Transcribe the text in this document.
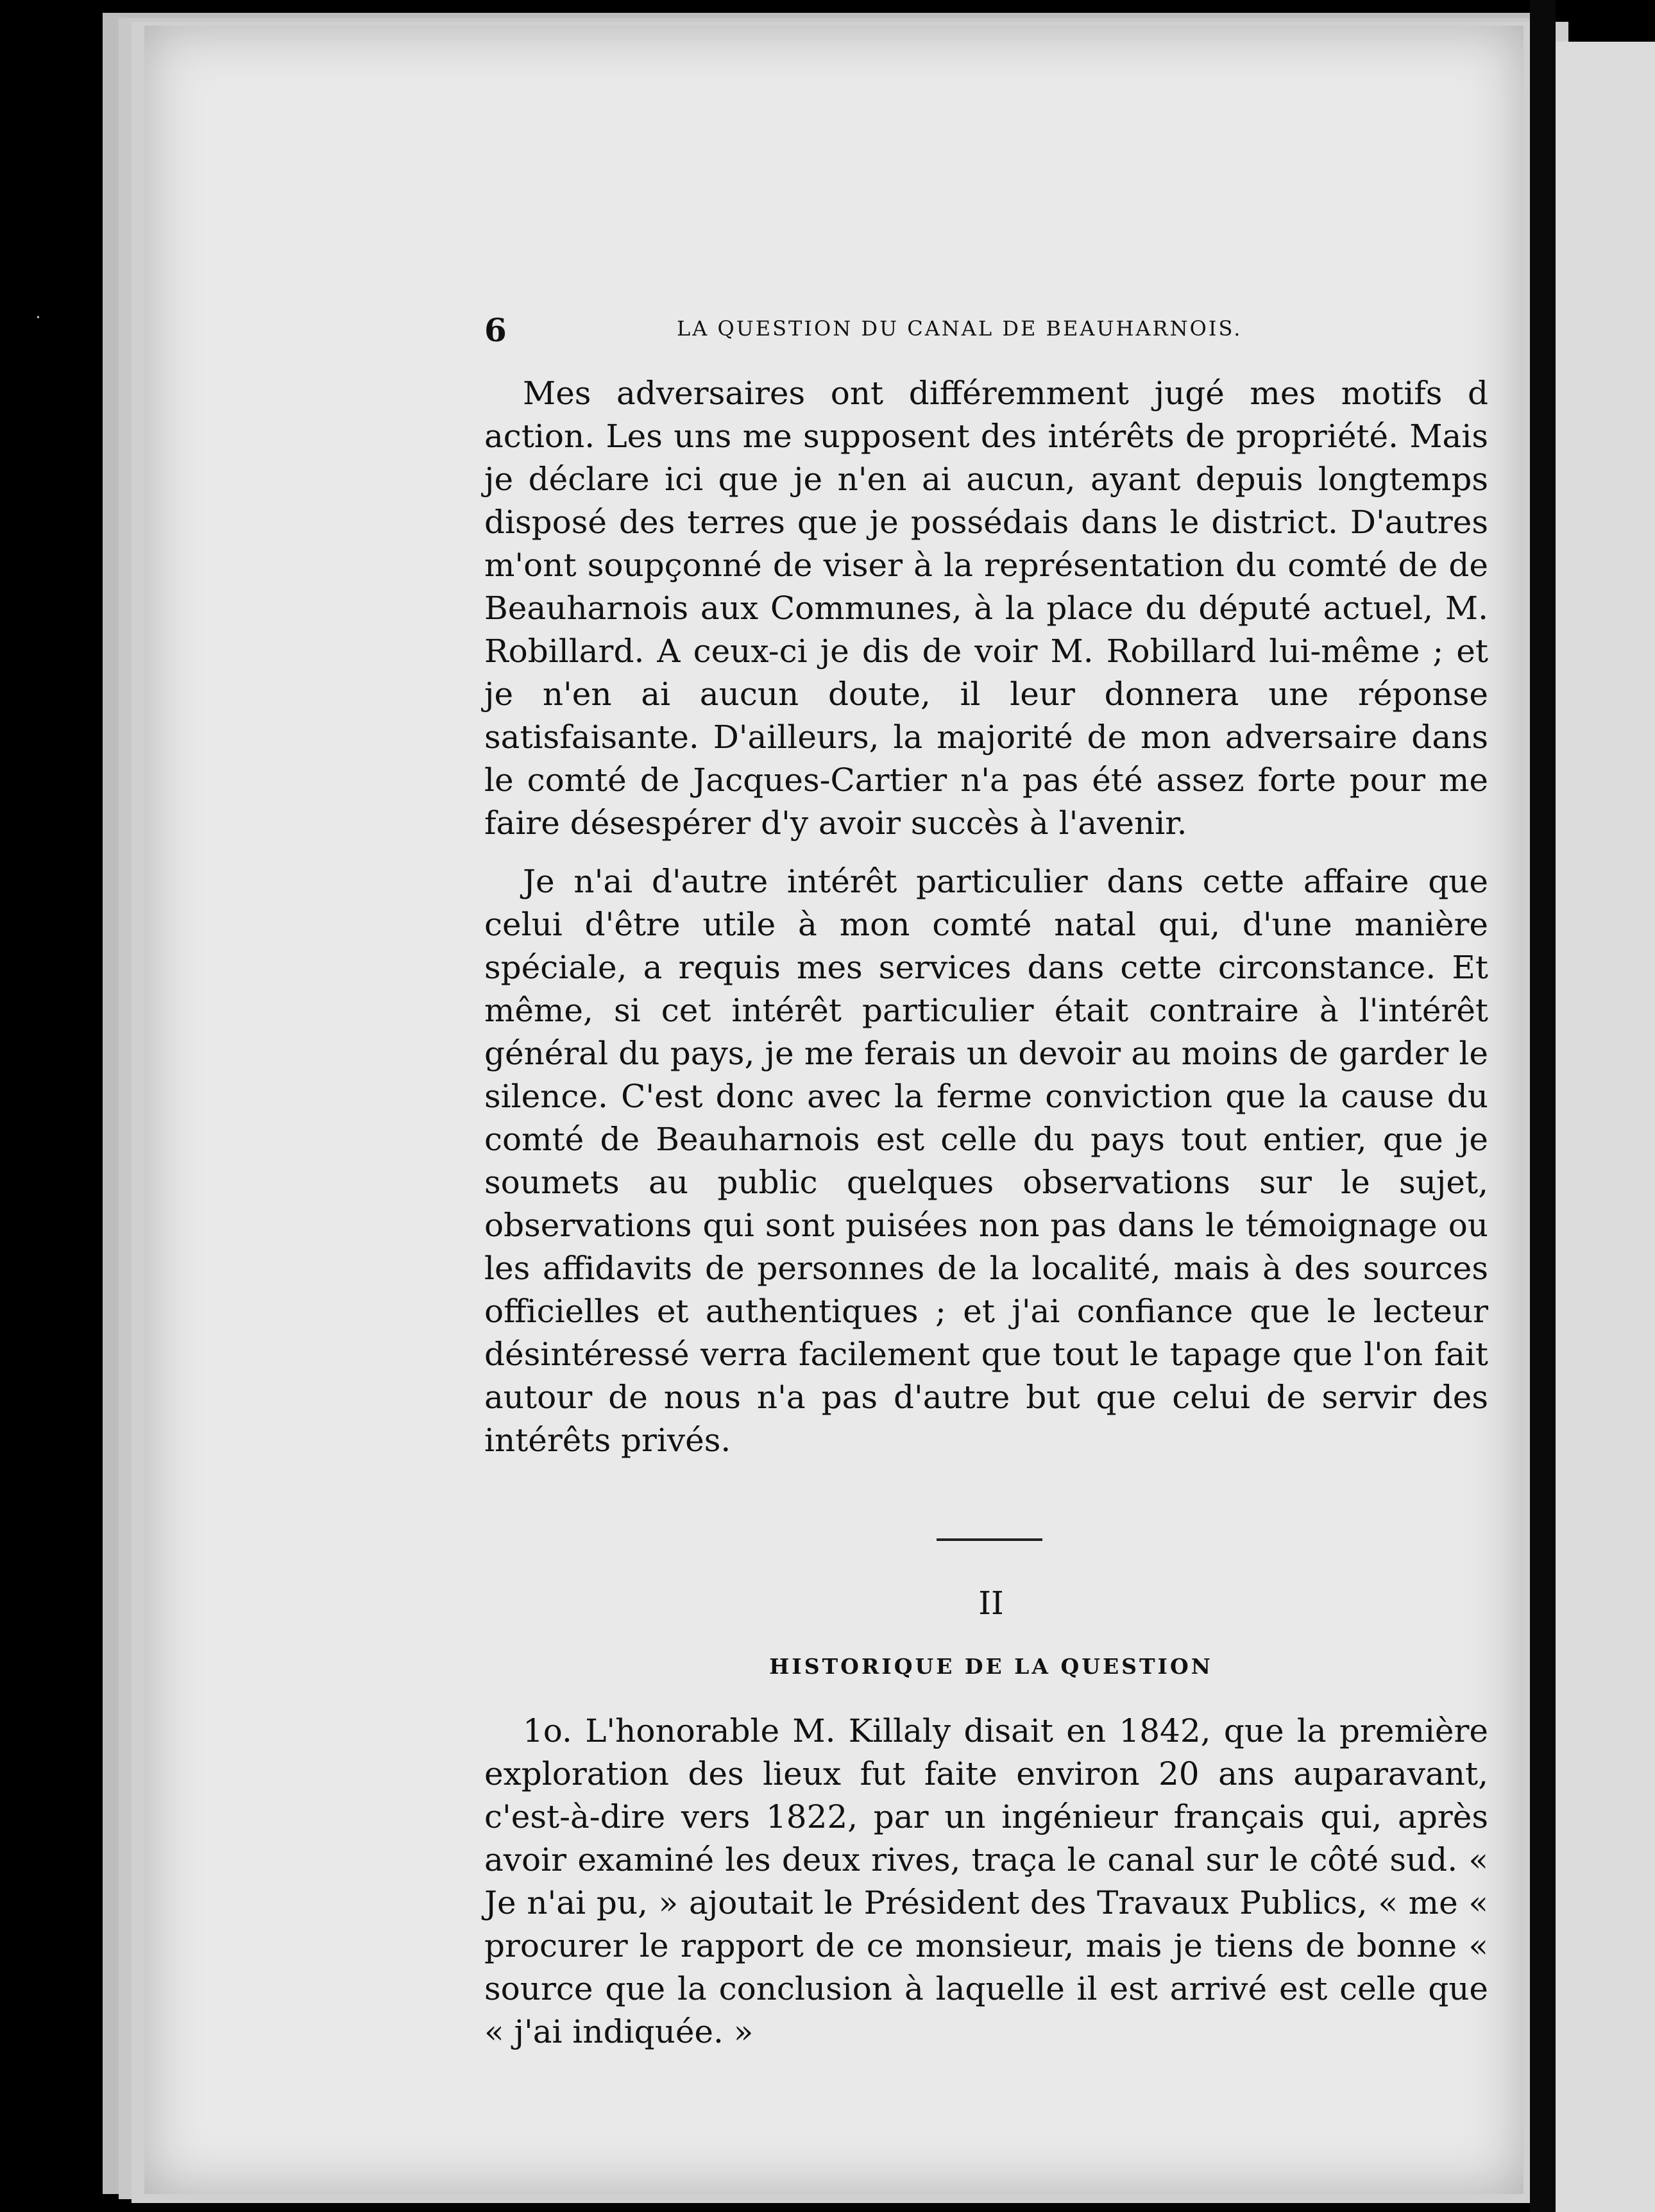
·	6	LA QUESTION DU CANAL DE BEAUHARNOIS.

Mes adversaires ont différemment jugé mes motifs d action. Les uns me supposent des intérêts de propriété. Mais je déclare ici que je n'en ai aucun, ayant depuis longtemps disposé des terres que je possédais dans le district. D'autres m'ont soupçonné de viser à la représentation du comté de de Beauharnois aux Communes, à la place du député actuel, M. Robillard. A ceux-ci je dis de voir M. Robillard lui-même ; et je n'en ai aucun doute, il leur donnera une réponse satisfaisante. D'ailleurs, la majorité de mon adversaire dans le comté de Jacques-Cartier n'a pas été assez forte pour me faire désespérer d'y avoir succès à l'avenir.

Je n'ai d'autre intérêt particulier dans cette affaire que celui d'être utile à mon comté natal qui, d'une manière spéciale, a requis mes services dans cette circonstance. Et même, si cet intérêt particulier était contraire à l'intérêt général du pays, je me ferais un devoir au moins de garder le silence. C'est donc avec la ferme conviction que la cause du comté de Beauharnois est celle du pays tout entier, que je soumets au public quelques observations sur le sujet, observations qui sont puisées non pas dans le témoignage ou les affidavits de personnes de la localité, mais à des sources officielles et authentiques ; et j'ai confiance que le lecteur désintéressé verra facilement que tout le tapage que l'on fait autour de nous n'a pas d'autre but que celui de servir des intérêts privés.

II
HISTORIQUE DE LA QUESTION

1o. L'honorable M. Killaly disait en 1842, que la première exploration des lieux fut faite environ 20 ans auparavant, c'est-à-dire vers 1822, par un ingénieur français qui, après avoir examiné les deux rives, traça le canal sur le côté sud. « Je n'ai pu, » ajoutait le Président des Travaux Publics, « me « procurer le rapport de ce monsieur, mais je tiens de bonne « source que la conclusion à laquelle il est arrivé est celle que « j'ai indiquée. »
